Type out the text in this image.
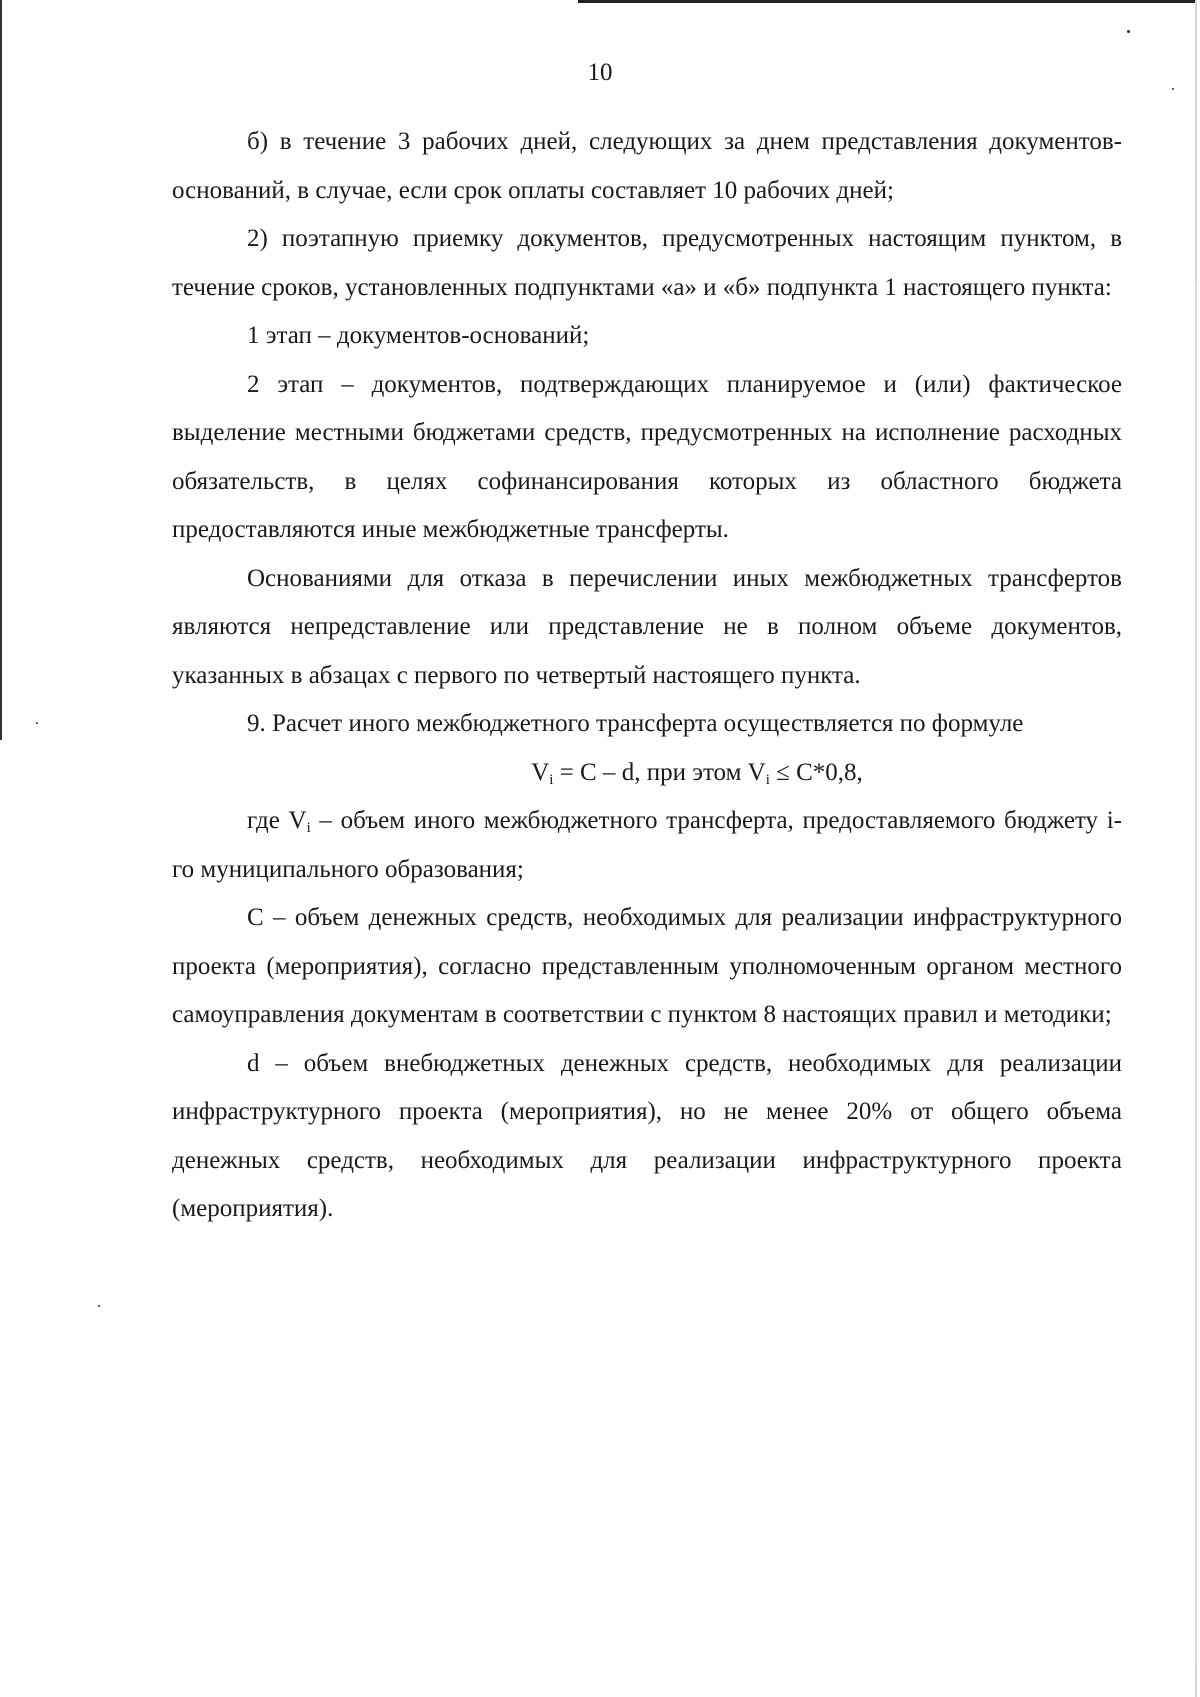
10

б) в течение 3 рабочих дней, следующих за днем представления документов-оснований, в случае, если срок оплаты составляет 10 рабочих дней;

2) поэтапную приемку документов, предусмотренных настоящим пунктом, в течение сроков, установленных подпунктами «а» и «б» подпункта 1 настоящего пункта:

1 этап – документов-оснований;

2 этап – документов, подтверждающих планируемое и (или) фактическое выделение местными бюджетами средств, предусмотренных на исполнение расходных обязательств, в целях софинансирования которых из областного бюджета предоставляются иные межбюджетные трансферты.

Основаниями для отказа в перечислении иных межбюджетных трансфертов являются непредставление или представление не в полном объеме документов, указанных в абзацах с первого по четвертый настоящего пункта.

9. Расчет иного межбюджетного трансферта осуществляется по формуле

$V_i = C - d$, при этом $V_i \le C*0,8$,

где Vi – объем иного межбюджетного трансферта, предоставляемого бюджету i-го муниципального образования;

С – объем денежных средств, необходимых для реализации инфраструктурного проекта (мероприятия), согласно представленным уполномоченным органом местного самоуправления документам в соответствии с пунктом 8 настоящих правил и методики;

d – объем внебюджетных денежных средств, необходимых для реализации инфраструктурного проекта (мероприятия), но не менее 20% от общего объема денежных средств, необходимых для реализации инфраструктурного проекта (мероприятия).
